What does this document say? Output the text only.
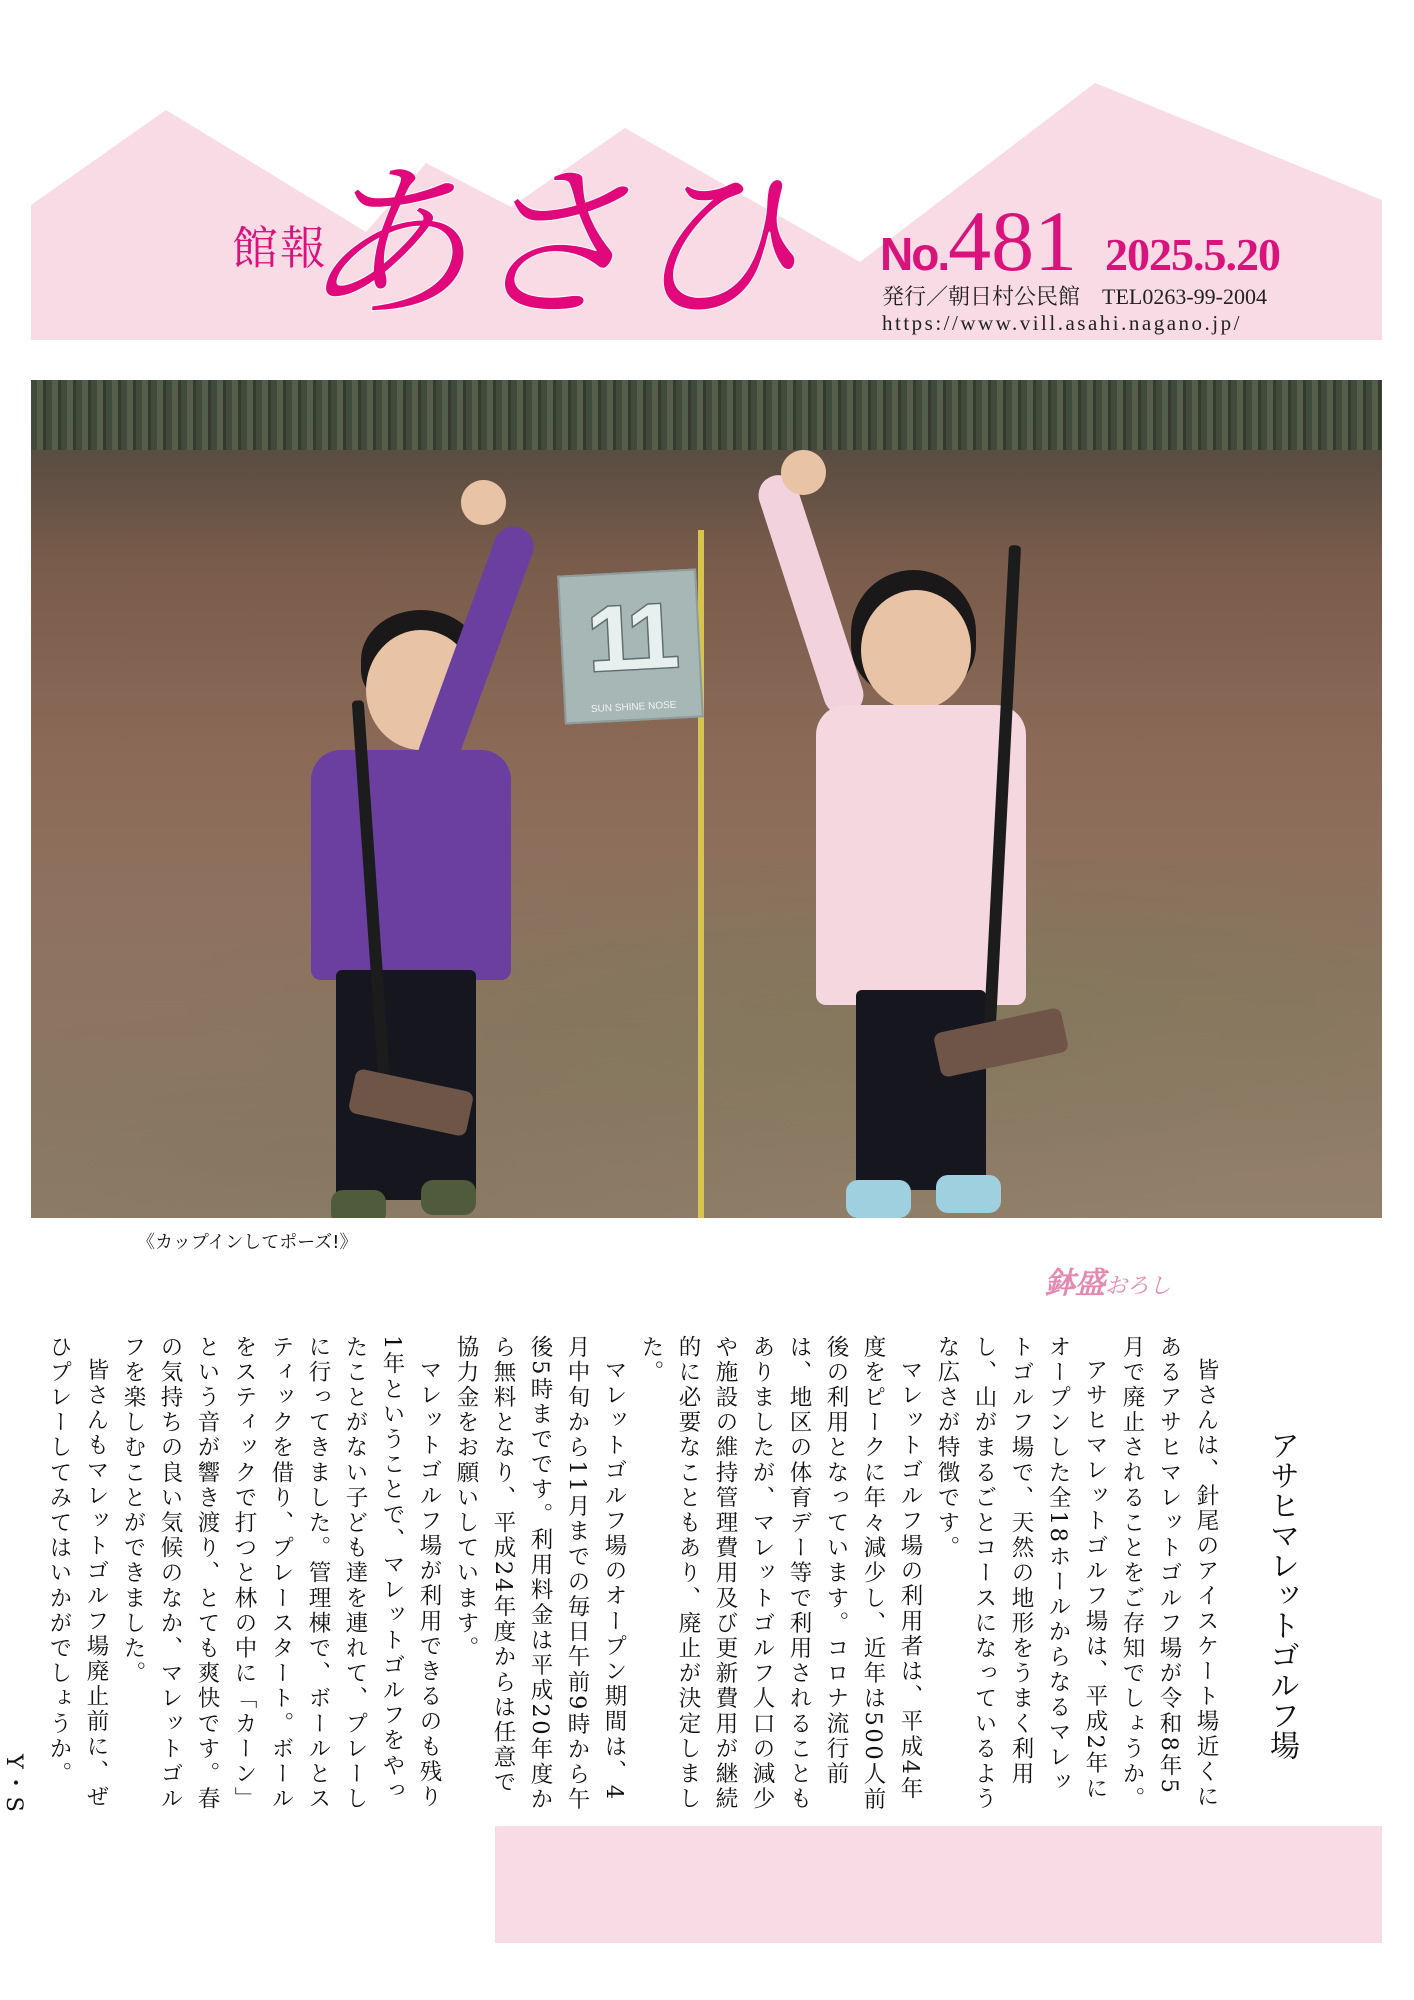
館報
あさひ No.481 2025.5.20
発行／朝日村公民館 TEL0263-99-2004
https://www.vill.asahi.nagano.jp/
11
SUN SHINE NOSE
《カップインしてポーズ!》
鉢盛おろし
アサヒマレットゴルフ場

皆さんは、針尾のアイスケート場近くにあるアサヒマレットゴルフ場が令和8年5月で廃止されることをご存知でしょうか。

アサヒマレットゴルフ場は、平成2年にオープンした全18ホールからなるマレットゴルフ場で、天然の地形をうまく利用し、山がまるごとコースになっているような広さが特徴です。

マレットゴルフ場の利用者は、平成4年度をピークに年々減少し、近年は500人前後の利用となっています。コロナ流行前は、地区の体育デー等で利用されることもありましたが、マレットゴルフ人口の減少や施設の維持管理費用及び更新費用が継続的に必要なこともあり、廃止が決定しました。

マレットゴルフ場のオープン期間は、4月中旬から11月までの毎日午前9時から午後5時までです。利用料金は平成20年度から無料となり、平成24年度からは任意で協力金をお願いしています。

マレットゴルフ場が利用できるのも残り1年ということで、マレットゴルフをやったことがない子ども達を連れて、プレーしに行ってきました。管理棟で、ボールとスティックを借り、プレースタート。ボールをスティックで打つと林の中に「カーン」という音が響き渡り、とても爽快です。春の気持ちの良い気候のなか、マレットゴルフを楽しむことができました。

皆さんもマレットゴルフ場廃止前に、ぜひプレーしてみてはいかがでしょうか。

Y・S
